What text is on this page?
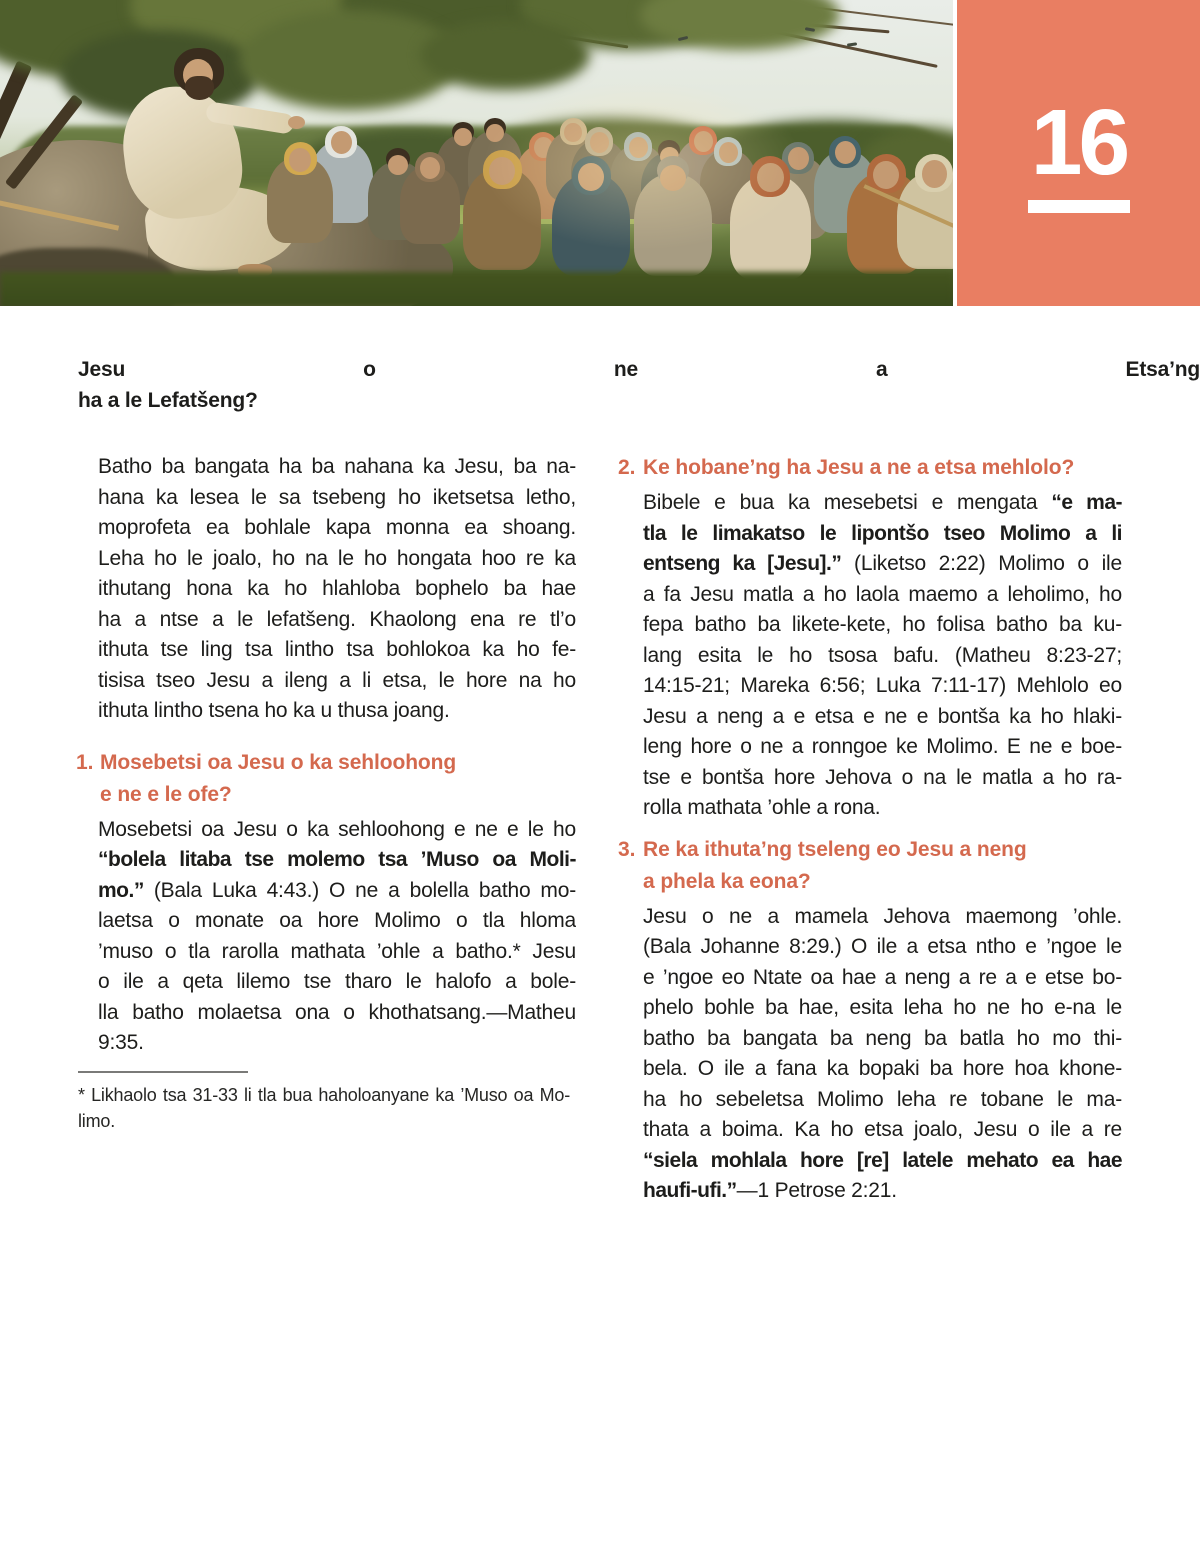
16
Jesu o ne a Etsa’ng
ha a le Lefatšeng?
Batho ba bangata ha ba nahana ka Jesu, ba na-
hana ka lesea le sa tsebeng ho iketsetsa letho,
moprofeta ea bohlale kapa monna ea shoang.
Leha ho le joalo, ho na le ho hongata hoo re ka
ithutang hona ka ho hlahloba bophelo ba hae
ha a ntse a le lefatšeng. Khaolong ena re tl’o
ithuta tse ling tsa lintho tsa bohlokoa ka ho fe-
tisisa tseo Jesu a ileng a li etsa, le hore na ho
ithuta lintho tsena ho ka u thusa joang.
1. Mosebetsi oa Jesu o ka sehloohong
e ne e le ofe?
Mosebetsi oa Jesu o ka sehloohong e ne e le ho
“bolela litaba tse molemo tsa ’Muso oa Moli-
mo.” (Bala Luka 4:43.) O ne a bolella batho mo-
laetsa o monate oa hore Molimo o tla hloma
’muso o tla rarolla mathata ’ohle a batho.* Jesu
o ile a qeta lilemo tse tharo le halofo a bole-
lla batho molaetsa ona o khothatsang.—Matheu
9:35.
* Likhaolo tsa 31-33 li tla bua haholoanyane ka ’Muso oa Mo-
limo.
2. Ke hobane’ng ha Jesu a ne a etsa mehlolo?
Bibele e bua ka mesebetsi e mengata “e ma-
tla le limakatso le lipontšo tseo Molimo a li
entseng ka [Jesu].” (Liketso 2:22) Molimo o ile
a fa Jesu matla a ho laola maemo a leholimo, ho
fepa batho ba likete-kete, ho folisa batho ba ku-
lang esita le ho tsosa bafu. (Matheu 8:23-27;
14:15-21; Mareka 6:56; Luka 7:11-17) Mehlolo eo
Jesu a neng a e etsa e ne e bontša ka ho hlaki-
leng hore o ne a ronngoe ke Molimo. E ne e boe-
tse e bontša hore Jehova o na le matla a ho ra-
rolla mathata ’ohle a rona.
3. Re ka ithuta’ng tseleng eo Jesu a neng
a phela ka eona?
Jesu o ne a mamela Jehova maemong ’ohle.
(Bala Johanne 8:29.) O ile a etsa ntho e ’ngoe le
e ’ngoe eo Ntate oa hae a neng a re a e etse bo-
phelo bohle ba hae, esita leha ho ne ho e-na le
batho ba bangata ba neng ba batla ho mo thi-
bela. O ile a fana ka bopaki ba hore hoa khone-
ha ho sebeletsa Molimo leha re tobane le ma-
thata a boima. Ka ho etsa joalo, Jesu o ile a re
“siela mohlala hore [re] latele mehato ea hae
haufi-ufi.”—1 Petrose 2:21.
